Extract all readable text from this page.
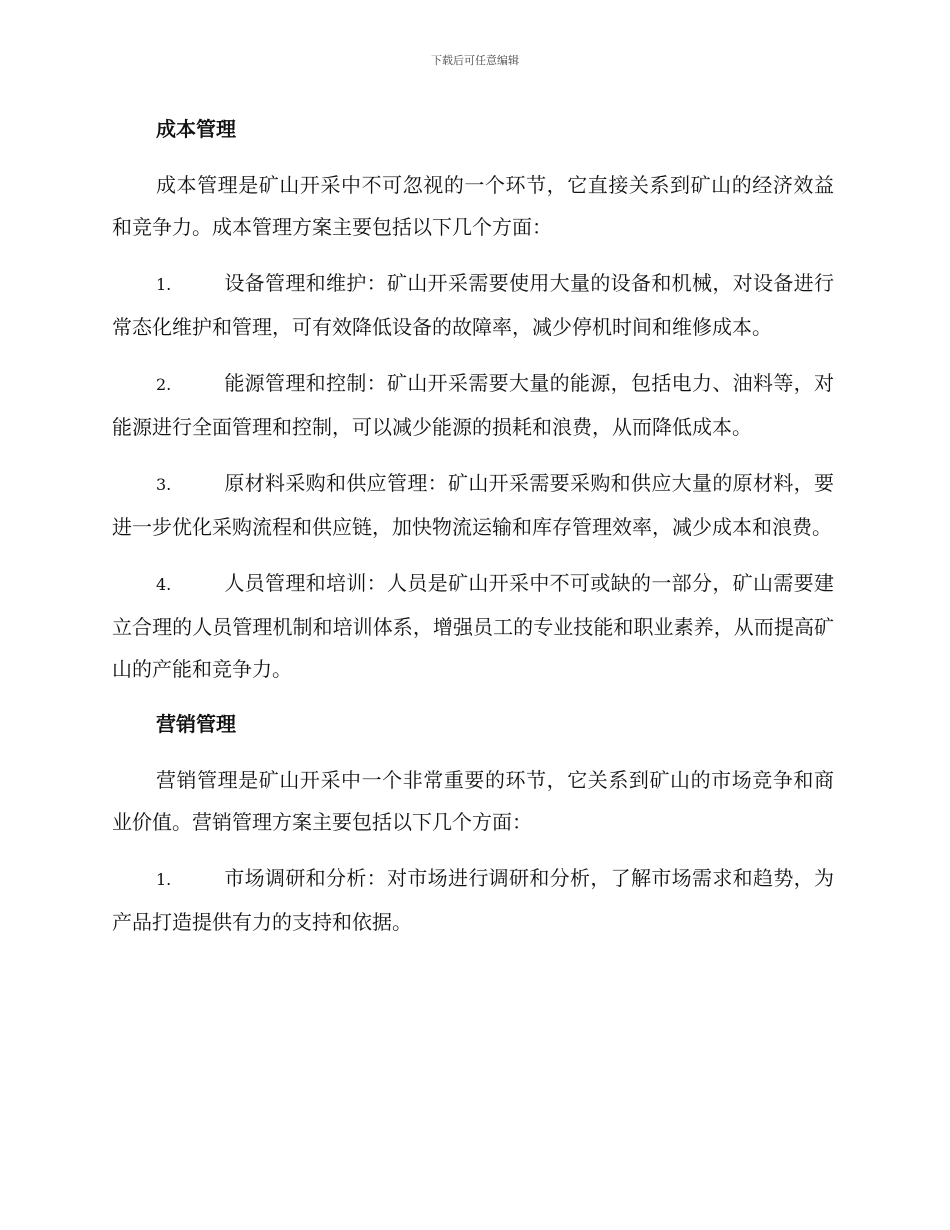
下载后可任意编辑
成本管理

成本管理是矿山开采中不可忽视的一个环节，它直接关系到矿山的经济效益和竞争力。成本管理方案主要包括以下几个方面：

1.	设备管理和维护：矿山开采需要使用大量的设备和机械，对设备进行常态化维护和管理，可有效降低设备的故障率，减少停机时间和维修成本。

2.	能源管理和控制：矿山开采需要大量的能源，包括电力、油料等，对能源进行全面管理和控制，可以减少能源的损耗和浪费，从而降低成本。

3.	原材料采购和供应管理：矿山开采需要采购和供应大量的原材料，要进一步优化采购流程和供应链，加快物流运输和库存管理效率，减少成本和浪费。

4.	人员管理和培训：人员是矿山开采中不可或缺的一部分，矿山需要建立合理的人员管理机制和培训体系，增强员工的专业技能和职业素养，从而提高矿山的产能和竞争力。

营销管理

营销管理是矿山开采中一个非常重要的环节，它关系到矿山的市场竞争和商业价值。营销管理方案主要包括以下几个方面：

1.	市场调研和分析：对市场进行调研和分析，了解市场需求和趋势，为产品打造提供有力的支持和依据。
